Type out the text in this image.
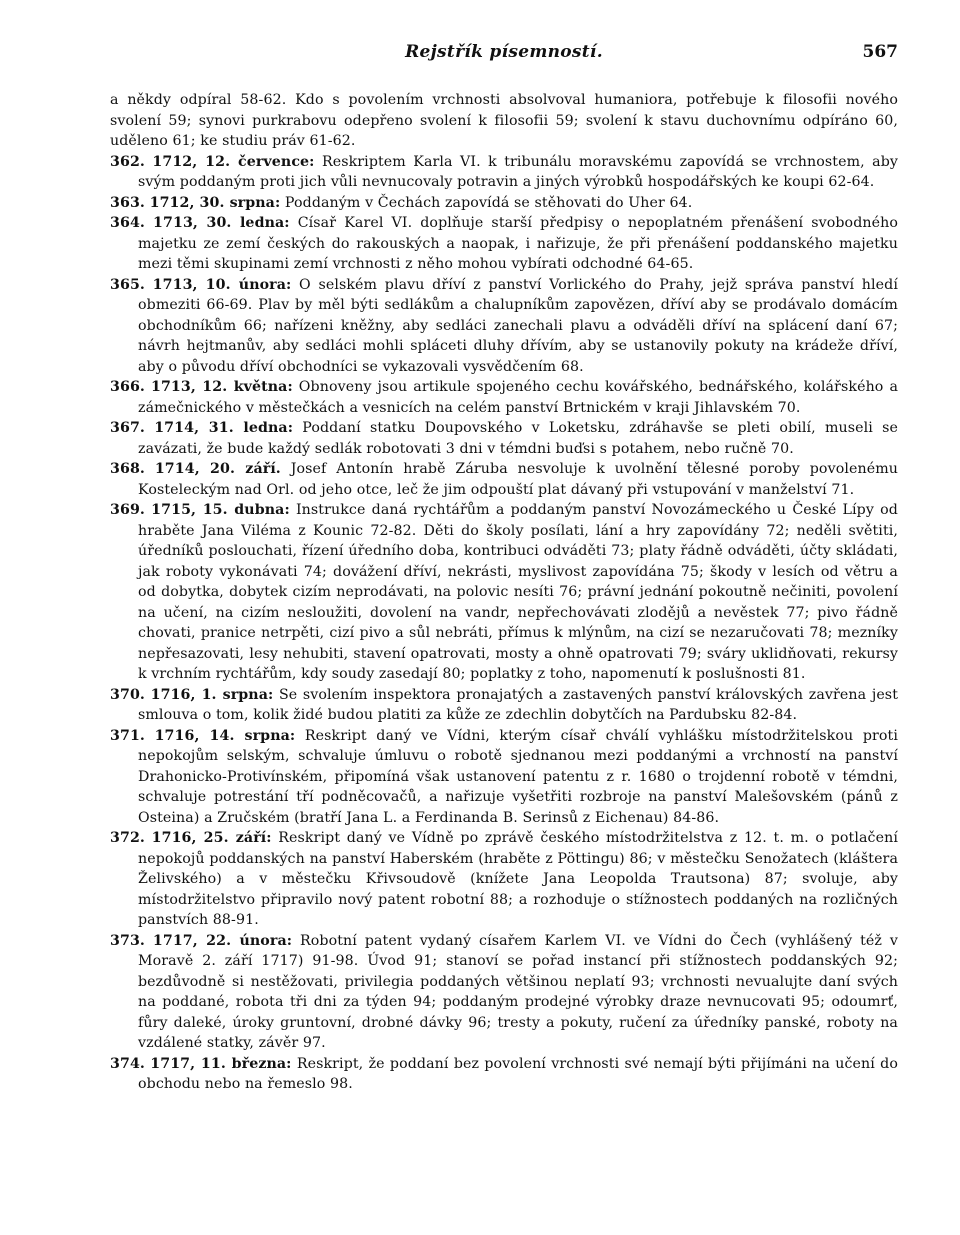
Rejstřík písemností.	567

a někdy odpíral 58-62. Kdo s povolením vrchnosti absolvoval humaniora, potřebuje k filosofii nového svolení 59; synovi purkrabovu odepřeno svolení k filosofii 59; svolení k stavu duchovnímu odpíráno 60, uděleno 61; ke studiu práv 61-62.

362. 1712, 12. července: Reskriptem Karla VI. k tribunálu moravskému zapovídá se vrchnostem, aby svým poddaným proti jich vůli nevnucovaly potravin a jiných výrobků hospodářských ke koupi 62-64.

363. 1712, 30. srpna: Poddaným v Čechách zapovídá se stěhovati do Uher 64.

364. 1713, 30. ledna: Císař Karel VI. doplňuje starší předpisy o nepoplatném přenášení svobodného majetku ze zemí českých do rakouských a naopak, i nařizuje, že při přenášení poddanského majetku mezi těmi skupinami zemí vrchnosti z něho mohou vybírati odchodné 64-65.

365. 1713, 10. února: O selském plavu dříví z panství Vorlického do Prahy, jejž správa panství hledí obmeziti 66-69. Plav by měl býti sedlákům a chalupníkům zapovězen, dříví aby se prodávalo domácím obchodníkům 66; nařízeni kněžny, aby sedláci zanechali plavu a odváděli dříví na splácení daní 67; návrh hejtmanův, aby sedláci mohli spláceti dluhy dřívím, aby se ustanovily pokuty na krádeže dříví, aby o původu dříví obchodníci se vykazovali vysvědčením 68.

366. 1713, 12. května: Obnoveny jsou artikule spojeného cechu kovářského, bednářského, kolářského a zámečnického v městečkách a vesnicích na celém panství Brtnickém v kraji Jihlavském 70.

367. 1714, 31. ledna: Poddaní statku Doupovského v Loketsku, zdráhavše se pleti obilí, museli se zavázati, že bude každý sedlák robotovati 3 dni v témdni buďsi s potahem, nebo ručně 70.

368. 1714, 20. září. Josef Antonín hrabě Záruba nesvoluje k uvolnění tělesné poroby povolenému Kosteleckým nad Orl. od jeho otce, leč že jim odpouští plat dávaný při vstupování v manželství 71.

369. 1715, 15. dubna: Instrukce daná rychtářům a poddaným panství Novozámeckého u České Lípy od hraběte Jana Viléma z Kounic 72-82. Děti do školy posílati, lání a hry zapovídány 72; neděli světiti, úředníků poslouchati, řízení úředního doba, kontribuci odváděti 73; platy řádně odváděti, účty skládati, jak roboty vykonávati 74; dovážení dříví, nekrásti, myslivost zapovídána 75; škody v lesích od větru a od dobytka, dobytek cizím neprodávati, na polovic nesíti 76; právní jednání pokoutně nečiniti, povolení na učení, na cizím nesloužiti, dovolení na vandr, nepřechovávati zlodějů a nevěstek 77; pivo řádně chovati, pranice netrpěti, cizí pivo a sůl nebráti, přímus k mlýnům, na cizí se nezaručovati 78; mezníky nepřesazovati, lesy nehubiti, stavení opatrovati, mosty a ohně opatrovati 79; sváry uklidňovati, rekursy k vrchním rychtářům, kdy soudy zasedají 80; poplatky z toho, napomenutí k poslušnosti 81.

370. 1716, 1. srpna: Se svolením inspektora pronajatých a zastavených panství královských zavřena jest smlouva o tom, kolik židé budou platiti za kůže ze zdechlin dobytčích na Pardubsku 82-84.

371. 1716, 14. srpna: Reskript daný ve Vídni, kterým císař chválí vyhlášku místodržitelskou proti nepokojům selským, schvaluje úmluvu o robotě sjednanou mezi poddanými a vrchností na panství Drahonicko-Protivínském, připomíná však ustanovení patentu z r. 1680 o trojdenní robotě v témdni, schvaluje potrestání tří podněcovačů, a nařizuje vyšetřiti rozbroje na panství Malešovském (pánů z Osteina) a Zručském (bratří Jana L. a Ferdinanda B. Serinsů z Eichenau) 84-86.

372. 1716, 25. září: Reskript daný ve Vídně po zprávě českého místodržitelstva z 12. t. m. o potlačení nepokojů poddanských na panství Haberském (hraběte z Pöttingu) 86; v městečku Senožatech (kláštera Želivského) a v městečku Křivsoudově (knížete Jana Leopolda Trautsona) 87; svoluje, aby místodržitelstvo připravilo nový patent robotní 88; a rozhoduje o stížnostech poddaných na rozličných panstvích 88-91.

373. 1717, 22. února: Robotní patent vydaný císařem Karlem VI. ve Vídni do Čech (vyhlášený též v Moravě 2. září 1717) 91-98. Úvod 91; stanoví se pořad instancí při stížnostech poddanských 92; bezdůvodně si nestěžovati, privilegia poddaných většinou neplatí 93; vrchnosti nevualujte daní svých na poddané, robota tři dni za týden 94; poddaným prodejné výrobky draze nevnucovati 95; odoumrť, fůry daleké, úroky gruntovní, drobné dávky 96; tresty a pokuty, ručení za úředníky panské, roboty na vzdálené statky, závěr 97.

374. 1717, 11. března: Reskript, že poddaní bez povolení vrchnosti své nemají býti přijímáni na učení do obchodu nebo na řemeslo 98.
